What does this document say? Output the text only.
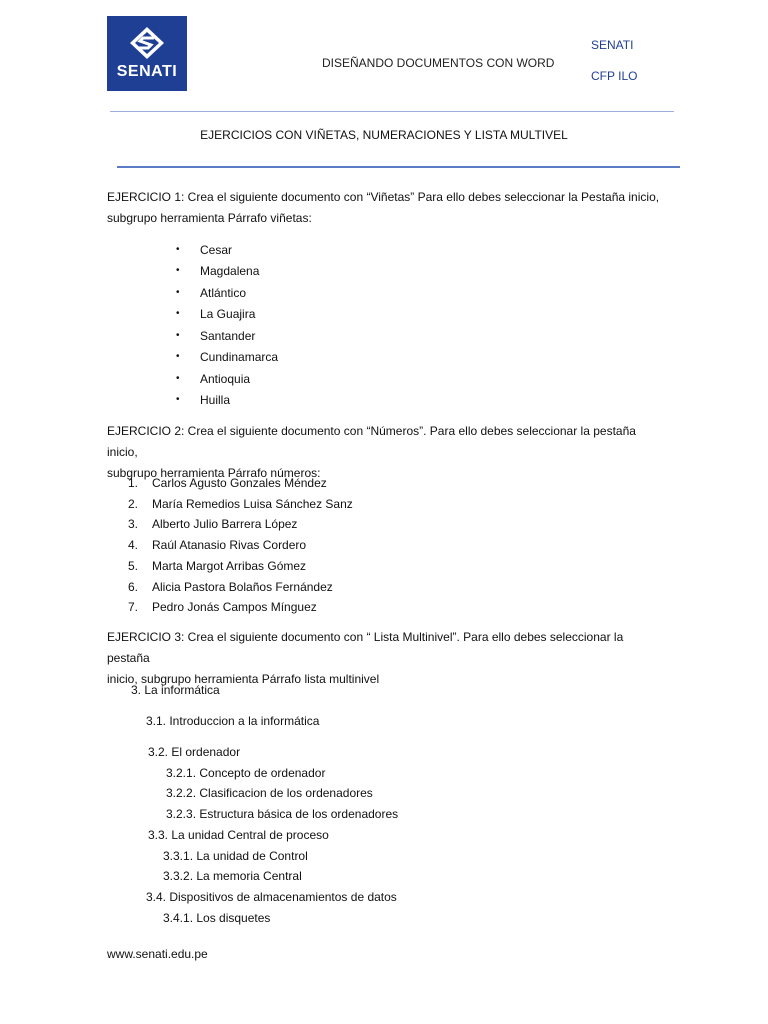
SENATI	DISEÑANDO DOCUMENTOS CON WORD
SENATI
CFP ILO
EJERCICIOS CON VIÑETAS, NUMERACIONES Y LISTA MULTIVEL
EJERCICIO 1: Crea el siguiente documento con “Viñetas” Para ello debes seleccionar la Pestaña inicio,
subgrupo herramienta Párrafo viñetas:
• Cesar
• Magdalena
• Atlántico
• La Guajira
• Santander
• Cundinamarca
• Antioquia
• Huilla
EJERCICIO 2: Crea el siguiente documento con “Números”. Para ello debes seleccionar la pestaña inicio,
subgrupo herramienta Párrafo números:
1. Carlos Agusto Gonzales Méndez
2. María Remedios Luisa Sánchez Sanz
3. Alberto Julio Barrera López
4. Raúl Atanasio Rivas Cordero
5. Marta Margot Arribas Gómez
6. Alicia Pastora Bolaños Fernández
7. Pedro Jonás Campos Mínguez
EJERCICIO 3: Crea el siguiente documento con “ Lista Multinivel”. Para ello debes seleccionar la pestaña
inicio, subgrupo herramienta Párrafo lista multinivel
3. La informática
3.1. Introduccion a la informática
3.2. El ordenador
3.2.1. Concepto de ordenador
3.2.2. Clasificacion de los ordenadores
3.2.3. Estructura básica de los ordenadores
3.3. La unidad Central de proceso
3.3.1. La unidad de Control
3.3.2. La memoria Central
3.4. Dispositivos de almacenamientos de datos
3.4.1. Los disquetes
www.senati.edu.pe
